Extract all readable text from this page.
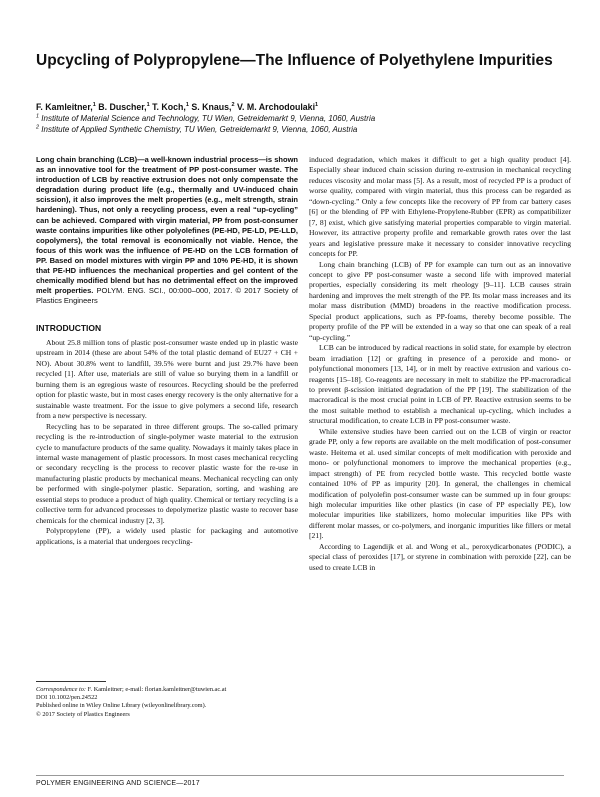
Upcycling of Polypropylene—The Influence of Polyethylene Impurities
F. Kamleitner,$^1$ B. Duscher,$^1$ T. Koch,$^1$ S. Knaus,$^2$ V. M. Archodoulaki$^1$
$^1$ Institute of Material Science and Technology, TU Wien, Getreidemarkt 9, Vienna, 1060, Austria
$^2$ Institute of Applied Synthetic Chemistry, TU Wien, Getreidemarkt 9, Vienna, 1060, Austria

Long chain branching (LCB)—a well-known industrial process—is shown as an innovative tool for the treatment of PP post-consumer waste. The introduction of LCB by reactive extrusion does not only compensate the degradation during product life (e.g., thermally and UV-induced chain scission), it also improves the melt properties (e.g., melt strength, strain hardening). Thus, not only a recycling process, even a real “up-cycling” can be achieved. Compared with virgin material, PP from post-consumer waste contains impurities like other polyolefines (PE-HD, PE-LD, PE-LLD, copolymers), the total removal is economically not viable. Hence, the focus of this work was the influence of PE-HD on the LCB formation of PP. Based on model mixtures with virgin PP and 10% PE-HD, it is shown that PE-HD influences the mechanical properties and gel content of the chemically modified blend but has no detrimental effect on the improved melt properties. POLYM. ENG. SCI., 00:000–000, 2017. © 2017 Society of Plastics Engineers

INTRODUCTION

About 25.8 million tons of plastic post-consumer waste ended up in plastic waste upstream in 2014 (these are about 54% of the total plastic demand of EU27 + CH + NO). About 30.8% went to landfill, 39.5% were burnt and just 29.7% have been recycled [1]. After use, materials are still of value so burying them in a landfill or burning them is an egregious waste of resources. Recycling should be the preferred option for plastic waste, but in most cases energy recovery is the only alternative for a sustainable waste treatment. For the issue to give polymers a second life, research from a new perspective is necessary.

Recycling has to be separated in three different groups. The so-called primary recycling is the re-introduction of single-polymer waste material to the extrusion cycle to manufacture products of the same quality. Nowadays it mainly takes place in internal waste management of plastic processors. In most cases mechanical recycling or secondary recycling is the process to recover plastic waste for the re-use in manufacturing plastic products by mechanical means. Mechanical recycling can only be performed with single-polymer plastic. Separation, sorting, and washing are essential steps to produce a product of high quality. Chemical or tertiary recycling is a collective term for advanced processes to depolymerize plastic waste to recover base chemicals for the chemical industry [2, 3].

Polypropylene (PP), a widely used plastic for packaging and automotive applications, is a material that undergoes recycling-

induced degradation, which makes it difficult to get a high quality product [4]. Especially shear induced chain scission during re-extrusion in mechanical recycling reduces viscosity and molar mass [5]. As a result, most of recycled PP is a product of worse quality, compared with virgin material, thus this process can be regarded as “down-cycling.” Only a few concepts like the recovery of PP from car battery cases [6] or the blending of PP with Ethylene-Propylene-Rubber (EPR) as compatibilizer [7, 8] exist, which give satisfying material properties comparable to virgin material. However, its attractive property profile and remarkable growth rates over the last years and legislative pressure make it necessary to consider innovative recycling concepts for PP.

Long chain branching (LCB) of PP for example can turn out as an innovative concept to give PP post-consumer waste a second life with improved material properties, especially considering its melt rheology [9–11]. LCB causes strain hardening and improves the melt strength of the PP. Its molar mass increases and its molar mass distribution (MMD) broadens in the reactive modification process. Special product applications, such as PP-foams, thereby become possible. The property profile of the PP will be extended in a way so that one can speak of a real “up-cycling.”

LCB can be introduced by radical reactions in solid state, for example by electron beam irradiation [12] or grafting in presence of a peroxide and mono- or polyfunctional monomers [13, 14], or in melt by reactive extrusion and various co-reagents [15–18]. Co-reagents are necessary in melt to stabilize the PP-macroradical to prevent β-scission initiated degradation of the PP [19]. The stabilization of the macroradical is the most crucial point in LCB of PP. Reactive extrusion seems to be the most suitable method to establish a mechanical up-cycling, which includes a structural modification, to create LCB in PP post-consumer waste.

While extensive studies have been carried out on the LCB of virgin or reactor grade PP, only a few reports are available on the melt modification of post-consumer waste. Heitema et al. used similar concepts of melt modification with peroxide and mono- or polyfunctional monomers to improve the mechanical properties (e.g., impact strength) of PE from recycled bottle waste. This recycled bottle waste contained 10% of PP as impurity [20]. In general, the challenges in chemical modification of polyolefin post-consumer waste can be summed up in four groups: high molecular impurities like other plastics (in case of PP especially PE), low molecular impurities like stabilizers, homo molecular impurities like PPs with different molar masses, or co-polymers, and inorganic impurities like fillers or metal [21].

According to Lagendijk et al. and Wong et al., peroxydicarbonates (PODIC), a special class of peroxides [17], or styrene in combination with peroxide [22], can be used to create LCB in

Correspondence to: F. Kamleitner; e-mail: florian.kamleitner@tuwien.ac.at
DOI 10.1002/pen.24522
Published online in Wiley Online Library (wileyonlinelibrary.com).
© 2017 Society of Plastics Engineers
POLYMER ENGINEERING AND SCIENCE—2017
